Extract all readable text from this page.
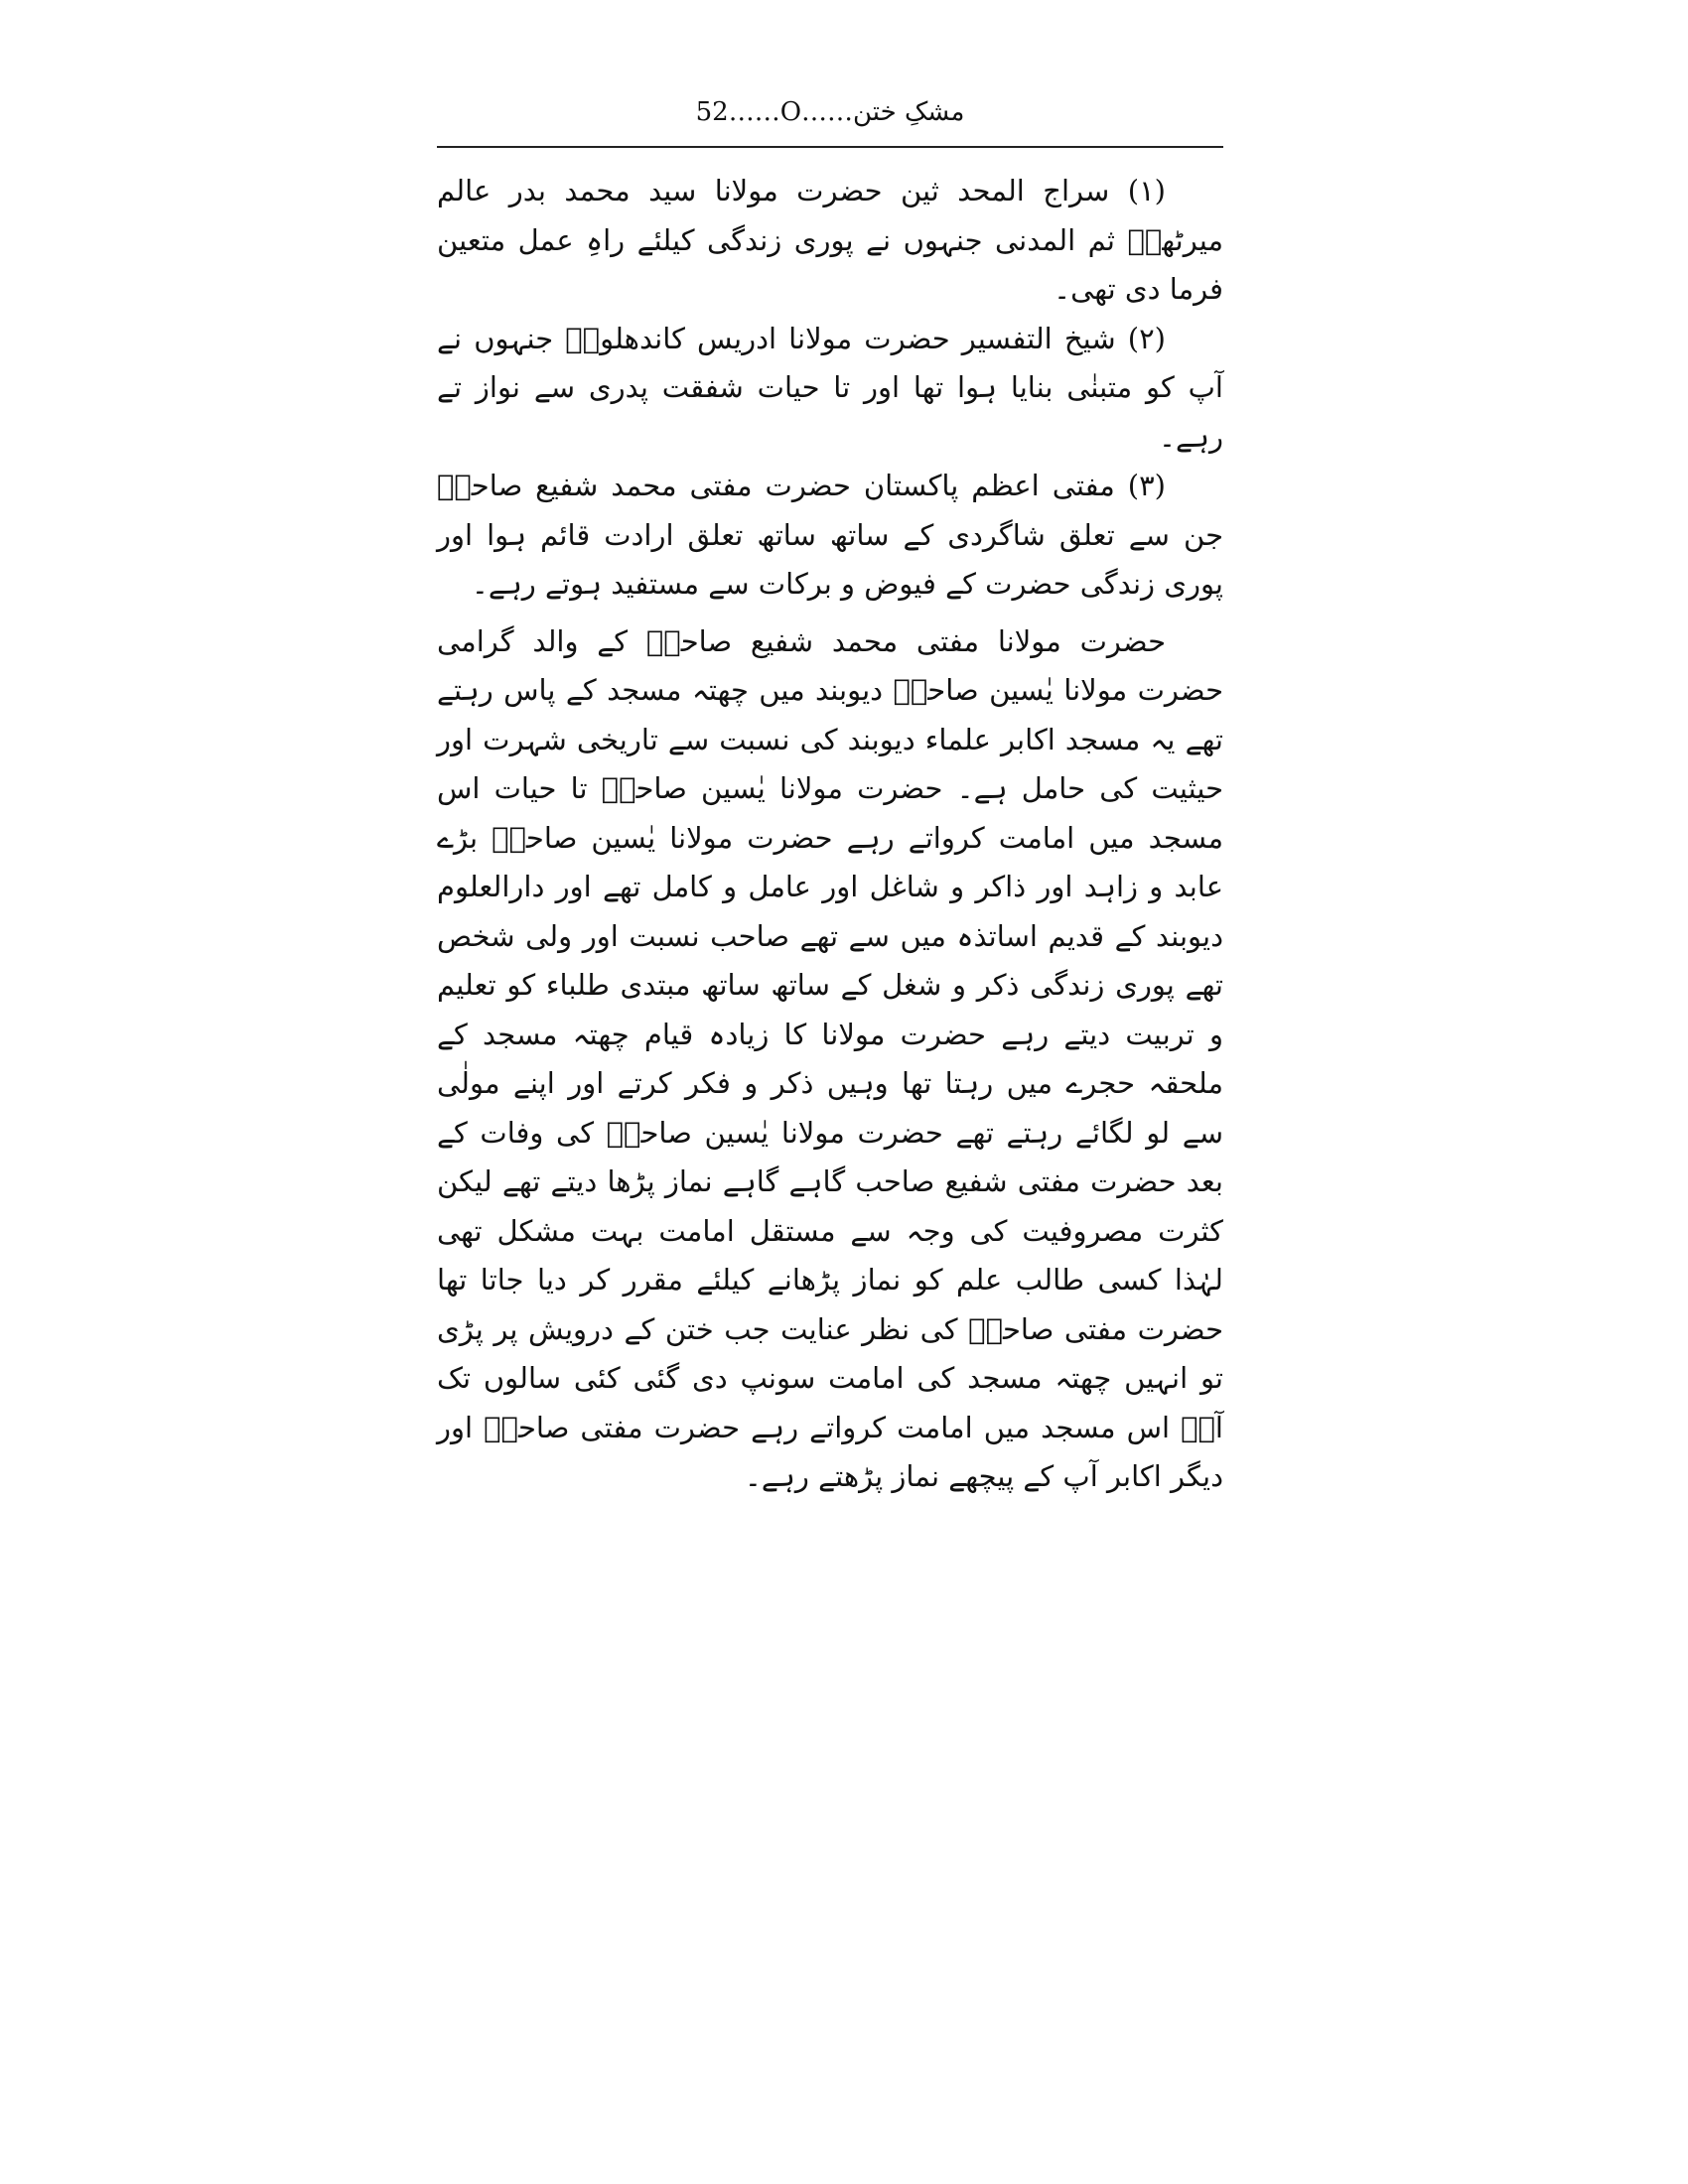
52……O……مشکِ ختن

(۱) سراج المحد ثین حضرت مولانا سید محمد بدر عالم میرٹھیؒ ثم المدنی جنہوں نے پوری زندگی کیلئے راہِ عمل متعین فرما دی تھی۔

(۲) شیخ التفسیر حضرت مولانا ادریس کاندھلویؒ جنہوں نے آپ کو متبنٰی بنایا ہوا تھا اور تا حیات شفقت پدری سے نواز تے رہے۔

(۳) مفتی اعظم پاکستان حضرت مفتی محمد شفیع صاحبؒ جن سے تعلق شاگردی کے ساتھ ساتھ تعلق ارادت قائم ہوا اور پوری زندگی حضرت کے فیوض و برکات سے مستفید ہوتے رہے۔

حضرت مولانا مفتی محمد شفیع صاحبؒ کے والد گرامی حضرت مولانا یٰسین صاحبؒ دیوبند میں چھتہ مسجد کے پاس رہتے تھے یہ مسجد اکابر علماء دیوبند کی نسبت سے تاریخی شہرت اور حیثیت کی حامل ہے۔ حضرت مولانا یٰسین صاحبؒ تا حیات اس مسجد میں امامت کرواتے رہے حضرت مولانا یٰسین صاحبؒ بڑے عابد و زاہد اور ذاکر و شاغل اور عامل و کامل تھے اور دارالعلوم دیوبند کے قدیم اساتذہ میں سے تھے صاحب نسبت اور ولی شخص تھے پوری زندگی ذکر و شغل کے ساتھ ساتھ مبتدی طلباء کو تعلیم و تربیت دیتے رہے حضرت مولانا کا زیادہ قیام چھتہ مسجد کے ملحقہ حجرے میں رہتا تھا وہیں ذکر و فکر کرتے اور اپنے مولٰی سے لو لگائے رہتے تھے حضرت مولانا یٰسین صاحبؒ کی وفات کے بعد حضرت مفتی شفیع صاحب گاہے گاہے نماز پڑھا دیتے تھے لیکن کثرت مصروفیت کی وجہ سے مستقل امامت بہت مشکل تھی لہٰذا کسی طالب علم کو نماز پڑھانے کیلئے مقرر کر دیا جاتا تھا حضرت مفتی صاحبؒ کی نظر عنایت جب ختن کے درویش پر پڑی تو انہیں چھتہ مسجد کی امامت سونپ دی گئی کئی سالوں تک آپؒ اس مسجد میں امامت کرواتے رہے حضرت مفتی صاحبؒ اور دیگر اکابر آپ کے پیچھے نماز پڑھتے رہے۔
